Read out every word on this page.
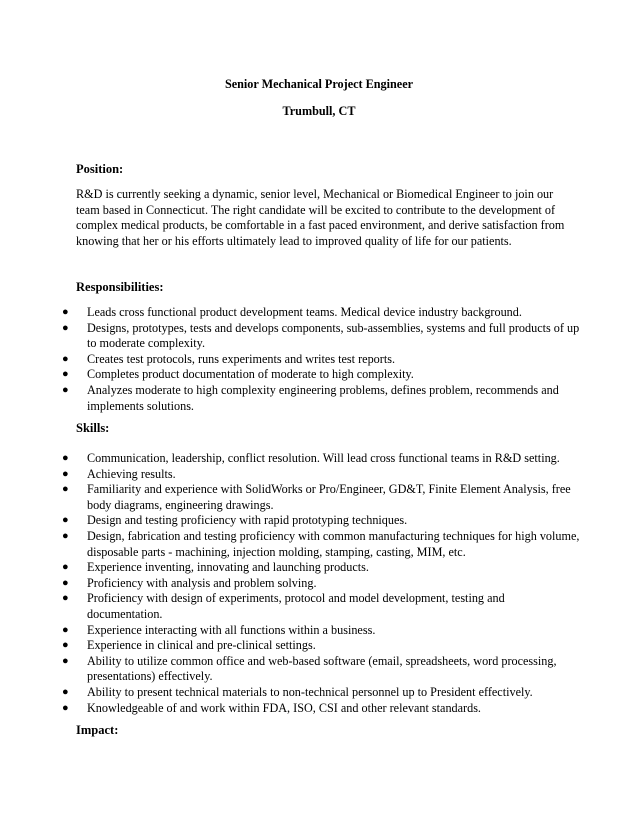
Senior Mechanical Project Engineer
Trumbull, CT
Position:
R&D is currently seeking a dynamic, senior level, Mechanical or Biomedical Engineer to join our team based in Connecticut. The right candidate will be excited to contribute to the development of complex medical products, be comfortable in a fast paced environment, and derive satisfaction from knowing that her or his efforts ultimately lead to improved quality of life for our patients.
Responsibilities:
● Leads cross functional product development teams. Medical device industry background.
● Designs, prototypes, tests and develops components, sub-assemblies, systems and full products of up to moderate complexity.
● Creates test protocols, runs experiments and writes test reports.
● Completes product documentation of moderate to high complexity.
● Analyzes moderate to high complexity engineering problems, defines problem, recommends and implements solutions.
Skills:
● Communication, leadership, conflict resolution. Will lead cross functional teams in R&D setting.
● Achieving results.
● Familiarity and experience with SolidWorks or Pro/Engineer, GD&T, Finite Element Analysis, free body diagrams, engineering drawings.
● Design and testing proficiency with rapid prototyping techniques.
● Design, fabrication and testing proficiency with common manufacturing techniques for high volume, disposable parts - machining, injection molding, stamping, casting, MIM, etc.
● Experience inventing, innovating and launching products.
● Proficiency with analysis and problem solving.
● Proficiency with design of experiments, protocol and model development, testing and documentation.
● Experience interacting with all functions within a business.
● Experience in clinical and pre-clinical settings.
● Ability to utilize common office and web-based software (email, spreadsheets, word processing, presentations) effectively.
● Ability to present technical materials to non-technical personnel up to President effectively.
● Knowledgeable of and work within FDA, ISO, CSI and other relevant standards.
Impact:
